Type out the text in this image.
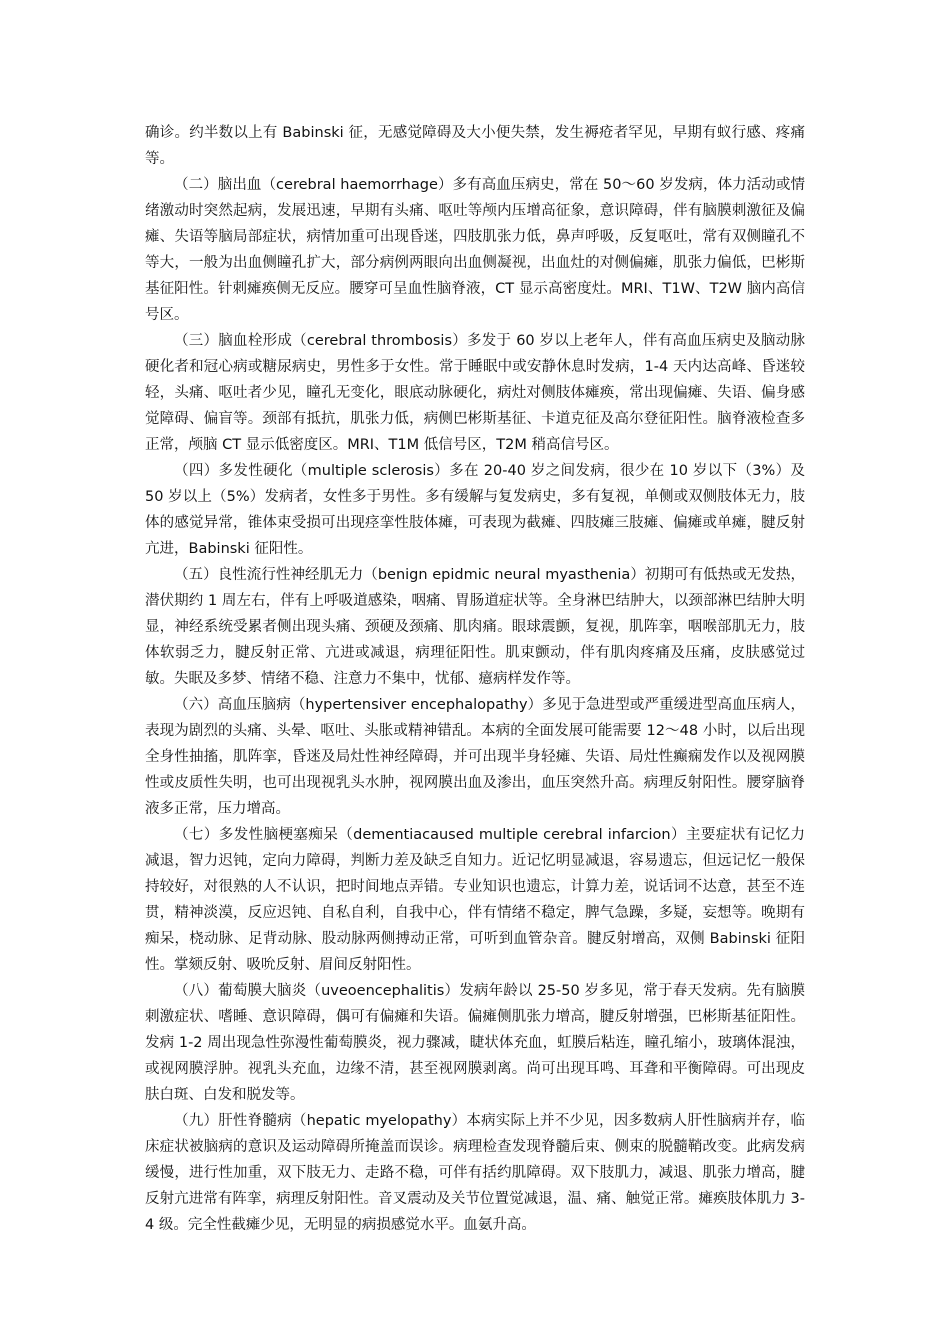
确诊。约半数以上有 Babinski 征，无感觉障碍及大小便失禁，发生褥疮者罕见，早期有蚁行感、疼痛等。

（二）脑出血（cerebral haemorrhage）多有高血压病史，常在 50～60 岁发病，体力活动或情绪激动时突然起病，发展迅速，早期有头痛、呕吐等颅内压增高征象，意识障碍，伴有脑膜刺激征及偏瘫、失语等脑局部症状，病情加重可出现昏迷，四肢肌张力低，鼻声呼吸，反复呕吐，常有双侧瞳孔不等大，一般为出血侧瞳孔扩大，部分病例两眼向出血侧凝视，出血灶的对侧偏瘫，肌张力偏低，巴彬斯基征阳性。针刺瘫痪侧无反应。腰穿可呈血性脑脊液，CT 显示高密度灶。MRI、T1W、T2W 脑内高信号区。

（三）脑血栓形成（cerebral thrombosis）多发于 60 岁以上老年人，伴有高血压病史及脑动脉硬化者和冠心病或糖尿病史，男性多于女性。常于睡眠中或安静休息时发病，1-4 天内达高峰、昏迷较轻，头痛、呕吐者少见，瞳孔无变化，眼底动脉硬化，病灶对侧肢体瘫痪，常出现偏瘫、失语、偏身感觉障碍、偏盲等。颈部有抵抗，肌张力低，病侧巴彬斯基征、卡道克征及高尔登征阳性。脑脊液检查多正常，颅脑 CT 显示低密度区。MRI、T1M 低信号区，T2M 稍高信号区。

（四）多发性硬化（multiple sclerosis）多在 20-40 岁之间发病，很少在 10 岁以下（3%）及 50 岁以上（5%）发病者，女性多于男性。多有缓解与复发病史，多有复视，单侧或双侧肢体无力，肢体的感觉异常，锥体束受损可出现痉挛性肢体瘫，可表现为截瘫、四肢瘫三肢瘫、偏瘫或单瘫，腱反射亢进，Babinski 征阳性。

（五）良性流行性神经肌无力（benign epidmic neural myasthenia）初期可有低热或无发热，潜伏期约 1 周左右，伴有上呼吸道感染，咽痛、胃肠道症状等。全身淋巴结肿大，以颈部淋巴结肿大明显，神经系统受累者侧出现头痛、颈硬及颈痛、肌肉痛。眼球震颤，复视，肌阵挛，咽喉部肌无力，肢体软弱乏力，腱反射正常、亢进或减退，病理征阳性。肌束颤动，伴有肌肉疼痛及压痛，皮肤感觉过敏。失眠及多梦、情绪不稳、注意力不集中，忧郁、癔病样发作等。

（六）高血压脑病（hypertensiver encephalopathy）多见于急进型或严重缓进型高血压病人，表现为剧烈的头痛、头晕、呕吐、头胀或精神错乱。本病的全面发展可能需要 12～48 小时，以后出现全身性抽搐，肌阵挛，昏迷及局灶性神经障碍，并可出现半身轻瘫、失语、局灶性癫痫发作以及视网膜性或皮质性失明，也可出现视乳头水肿，视网膜出血及渗出，血压突然升高。病理反射阳性。腰穿脑脊液多正常，压力增高。

（七）多发性脑梗塞痴呆（dementiacaused multiple cerebral infarcion）主要症状有记忆力减退，智力迟钝，定向力障碍，判断力差及缺乏自知力。近记忆明显减退，容易遗忘，但远记忆一般保持较好，对很熟的人不认识，把时间地点弄错。专业知识也遗忘，计算力差，说话词不达意，甚至不连贯，精神淡漠，反应迟钝、自私自利，自我中心，伴有情绪不稳定，脾气急躁，多疑，妄想等。晚期有痴呆，桡动脉、足背动脉、股动脉两侧搏动正常，可听到血管杂音。腱反射增高，双侧 Babinski 征阳性。掌颏反射、吸吮反射、眉间反射阳性。

（八）葡萄膜大脑炎（uveoencephalitis）发病年龄以 25-50 岁多见，常于春天发病。先有脑膜刺激症状、嗜睡、意识障碍，偶可有偏瘫和失语。偏瘫侧肌张力增高，腱反射增强，巴彬斯基征阳性。发病 1-2 周出现急性弥漫性葡萄膜炎，视力骤减，睫状体充血，虹膜后粘连，瞳孔缩小，玻璃体混浊，或视网膜浮肿。视乳头充血，边缘不清，甚至视网膜剥离。尚可出现耳鸣、耳聋和平衡障碍。可出现皮肤白斑、白发和脱发等。

（九）肝性脊髓病（hepatic myelopathy）本病实际上并不少见，因多数病人肝性脑病并存，临床症状被脑病的意识及运动障碍所掩盖而误诊。病理检查发现脊髓后束、侧束的脱髓鞘改变。此病发病缓慢，进行性加重，双下肢无力、走路不稳，可伴有括约肌障碍。双下肢肌力，减退、肌张力增高，腱反射亢进常有阵挛，病理反射阳性。音叉震动及关节位置觉减退，温、痛、触觉正常。瘫痪肢体肌力 3-4 级。完全性截瘫少见，无明显的病损感觉水平。血氨升高。
